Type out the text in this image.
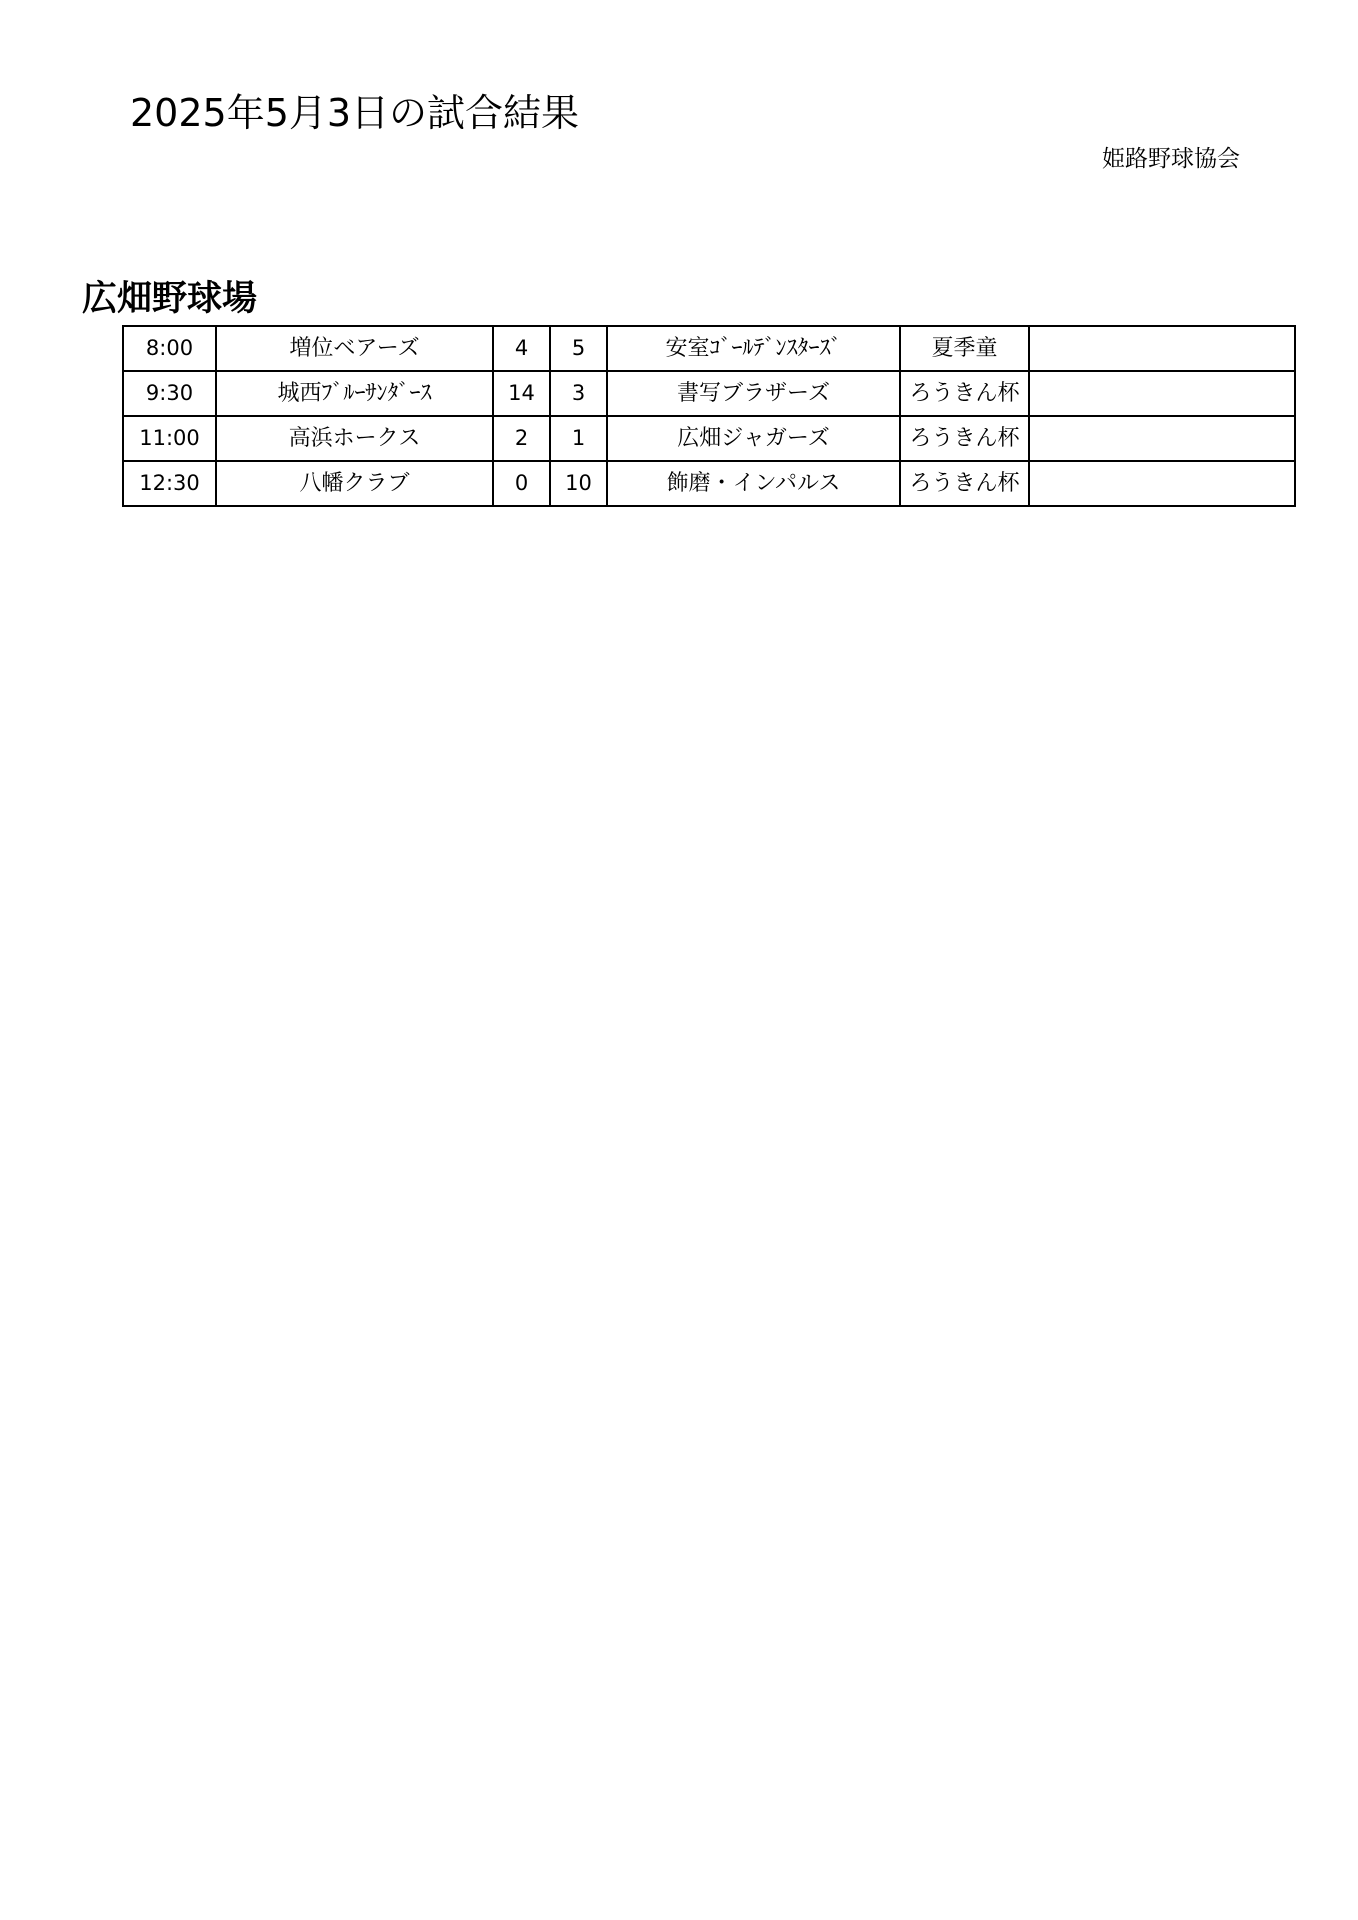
2025年5月3日の試合結果
姫路野球協会
広畑野球場
8:00	増位ベアーズ	4	5	安室ｺﾞｰﾙﾃﾞﾝｽﾀｰｽﾞ	夏季童	
9:30	城西ﾌﾞﾙｰｻﾝﾀﾞｰｽ	14	3	書写ブラザーズ	ろうきん杯	
11:00	高浜ホークス	2	1	広畑ジャガーズ	ろうきん杯	
12:30	八幡クラブ	0	10	飾磨・インパルス	ろうきん杯	
